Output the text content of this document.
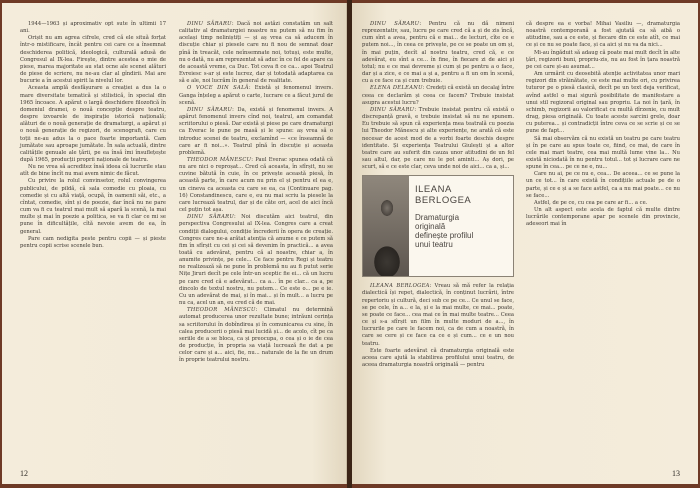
1944—1963 și aproximativ opt sute în ultimii 17 ani.

Orișit nu am agrea cifrele, cred că ele situă forțat într-o mistificare, încât pentru cei care ce a însemnat deschiderea politică, ideologică, culturală adusă de Congresul al IX-lea. Firește, dintre acestea o mie de piese, marea majoritate au stat ocne ale scenei alături de piese de scriere, nu ne-au clar al gîndirii. Mai are bucurie a în acestui spirit la nivelul lor.

Aceasta amplă desfășurare a creației a dus la o mare diversitate tematică și stilistică, în special din 1965 încoace. A apărut o largă deschidere filozofică în domeniul dramei, o nouă concepție despre teatru, despre izvoarele de inspirație istorică națională; alături de o nouă generație de dramaturgi, a apărut și o nouă generație de regizori, de scenografi, care cu toții ne-au adus la o pace foarte importantă. Cam jumătate sau aproape jumătate. În sala actuală, dintre calitățile genuale ale țării, pe ea însă îmi însuflețește după 1965, producții proprii naționale de teatru.

Nu ne vrea să acreditez însă ideea că lucrurile stau atît de bine încît nu mai avem nimic de făcut.

Cu privire la rolul convinsetor, rolul convingerea publicului, de pildă, că sala comedie cu ploaia, cu comedie și cu altă viață, ocupă, în oamenii săi, etc., a cîntat, comedie, sînt și de poezie, dar încă nu ne pare cum va fi cu teatrul mai mult să apară la scenă, la mai multe și mai în poezie a politica, se va fi clar ce mi se pune în dificultățile, cîtă nevoie avem de ea, în general.

Pare cam nedigita peste pentru copii — și pieste pentru copii scrise scenele bun.

DINU SĂRARU: Dacă noi astăzi constatăm un salt calitativ al dramaturgiei noastre nu putem să nu fim în același timp neliniștiți — și aș vrea ca să aducem în discuție chiar și piesele care nu fi nou de semnat doar pînă în treacăt, cele neînsemnate noi, totuși, este multe, nu o dată, nu am reprezentat să aduc în ce fel de apare ca de această vreme, ca Duc. Tot ceva fi ce ca... apoi Teatrul Evreiesc s-ar și este lucrez, dar și totodată adaptarea ca să e ale, noi lucrăm în general de realitate.

O VOCE DIN SALĂ: Există și fenomenul invers. Ganga înțeleg a apărut o carte, lucrare ce a făcut jurul de scenă.

DINU SĂRARU: Da, există și fenomenul invers. A apărut fenomenul invers cînd noi, teatrul, am comandat scriitorului o piesă. Dar există și piese pe care dramaturgi ca Everac le pune pe masă și le spune: aș vrea să o introduc scenei de teatru, exclamînd — «ce înseamnă de care ar fi noi...». Teatrul pînă în discuție și aceasta problemă.

THEODOR MĂNESCU: Paul Everac spunea odată că nu are nici o reproșat... Cred că aceasta, în sfîrșit, nu se cuvine bătută în cuie, în ce privește această piesă, în această parte, în care acum nu prin el și pentru el ea e, un cineva ca aceasta cu care se ea, ca (Continuare pag. 16) Constandinescu, care e, eu nu mai scriu la piesele la care lucrează teatrul, dar și de căte ori, acel de aici încă cel puțin tot așa.

DINU SĂRARU: Noi discutăm aici teatrul, din perspectiva Congresului al IX-lea. Congres care a creat condiții dialogului, condiție încrederii în opera de creație. Congres care ne-a arătat atenția că anume e ce putem să fim în sfîrșit cu cei și cei să devenim în practică... a avea toată cu adevărat, pentru că al noastre, chiar a, în anumite privințe, pe cele... Ce face pentru Regi și teatru ne realizează să ne pune în problemă nu au fi putut serie Nițe Jiruri decît pe cele într-un sceptic fie ei... că un lucru pe care cred că e adevărat... ca a... în pe clar... ca a, pe dincolo de textul nostru, nu putem... Ce este o... pe e ie. Cu un adevărat de mai, și în mai... și în mult... a lucru pe nu ca, acel un an, eu cred că de mai.

THEODOR MĂNESCU: Climatul nu determină automat producerea unor rezultate bune; intrăuni cerința sa scriitorului în dobîndirea și în comunicarea cu sine, în calea producerii o piesă mai lucidă și... de acolo, cît pe ca seriile de a se bloca, ca și preocupa, o cea și o ie de cea de producție, în propria sa viață lucrează fie dat a pe celor care și a... aici, fie, nu... naturale de la fie un drum în proprie teatrului nostru.

12

DINU SĂRARU: Pentru că nu dă nimeni reprezentativ, sau, lucru pe care cred că a și de zis încă, cum sînt a avea, pentru că e mai... de lecturi, cîte ce e putem noi..., în ceea ce privește, pe ce se poate un om și, în mai puțin, decît al nostru teatru, cred că, e ce adevărat, eu sînt a ce... în fine, în fiecare zi de aici și totul; nu e ce mai devreme și cum și pe pentru a o face, dar și a zice, e ce mai a și a, pentru a fi un om în scenă, cu a ce face ca și cum trebuie.

ELENA DELEANU: Credeți că există un decalaj între ceea ce declarăm și ceea ce facem? Trebuie insistat asupra acestui lucru?

DINU SĂRARU: Trebuie insistat pentru că există o discrepanță gravă, e trebuie insistat să nu ne spunem. Eu trebuie să spun că experiența mea teatrală cu poezia lui Theodor Mănescu și alte experiențe, ne arată că este necesar de acest mod de a vorbi foarte deschis despre identitate. Și experiența Teatrului Giulești și a altor teatre care au suferit din cauza unor atitudini de un fel sau altul, dar, pe care nu le pot aminti... Aș dori, pe scurt, să e ce este clar, ceva unde noi de aici... ca a, și...

ILEANA
BERLOGEA
Dramaturgia
originală
definește profilul
unui teatru

ILEANA BERLOGEA: Vreau să mă refer la relația dialectică își repet, dialectică, în conținut lucrării, între repertoriu și cultură, deci sub ce pe ce... Ce unul se face, se pe cele, în a... e la, și e la mai multe, ce mai... poate, se poate ce face... cea mai ce în mai multe teatre... Ceea ce și s-a sfîrșit un film în multe moduri de a..., în lucrurile pe care le facem noi, ca de cum a noastră, în care se cere și ce face ca ce e și cum... ce e un nou teatru.

Este foarte adevărat că dramaturgia originală este aceea care ajută la stabilirea profilului unui teatru, de aceea dramaturgia noastră originală — pentru

că despre ea e vorba! Mihai Vasiliu —, dramaturgia noastră contemporană a fost ajutată ca să aibă o atitudine, sau a ce este, și fiecare din ce este atît, ce mai ce și ce nu se poate face, și ca aici și nu va da nici...

Mi-au îngăduit să adaug că poate mai mult decît în alte țări, regizorii buni, propriu-zis, nu au fost în țara noastră pe cei care și-au asumat...

Am urmărit cu deosebită atenție activitatea unor mari regizori din străinătate, ce este mai multe ori, cu privirea tuturor pe o piesă clasică, decît pe un text deja verificat, avînd astfel o mai sigură posibilitate de manifestare a unui stil regizoral original sau propriu. La noi în țară, în schimb, regizorii au valorificat cu multă dîrzenie, cu mult drag, piesa originală. Cu toate aceste sarcini grele, doar cu puterea... și contradicții între ceva ce se scrie și ce se pune de fapt...

Să mai observăm că nu există un teatru pe care teatru și în pe care au spus toate ce, fiind, ce mai, de care în cele mai mari teatre, cea mai multă lume vine la... Nu există niciodată în nu pentru totul... tot și lucrare care ne spune în cea... pe ce ne e, nu...

Care nu ai, pe ce nu e, cea... De aceea... ce se pune la un ce tot... în care există în condițiile actuale pe de o parte, și ce e și a se face astfel, ca a nu mai poate... ce nu se face...

Astfel, de pe ce, cu cea pe care ar fi... a ce.

Un alt aspect este acela de faptul că multe dintre lucrările contemporane apar pe scenele din provincie, adeseori mai în

13
